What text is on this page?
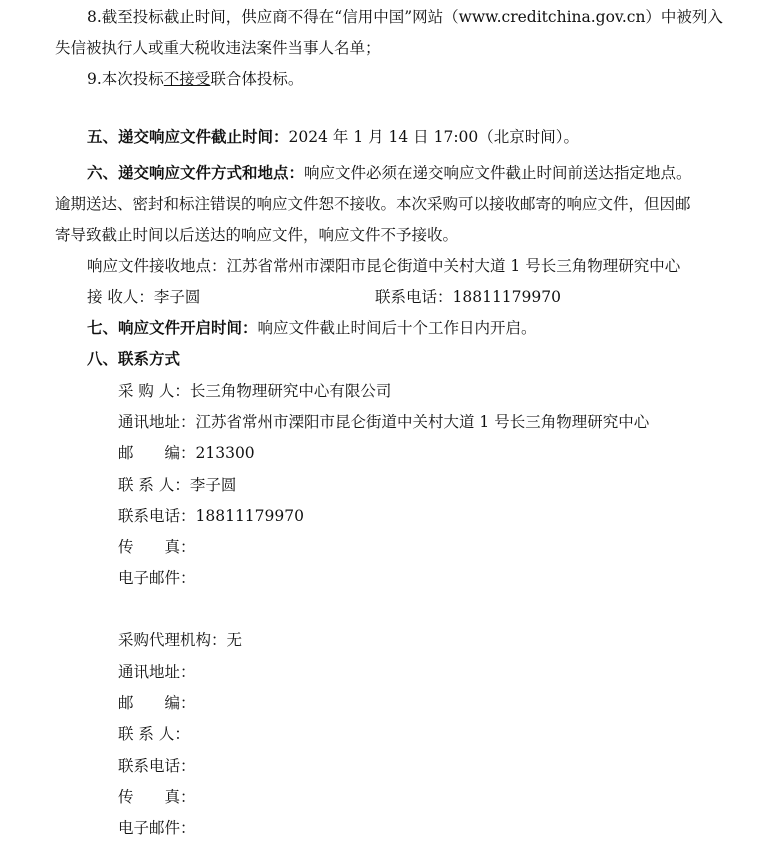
8.截至投标截止时间，供应商不得在“信用中国”网站（www.creditchina.gov.cn）中被列入
失信被执行人或重大税收违法案件当事人名单；
9.本次投标不接受联合体投标。
五、递交响应文件截止时间：2024 年 1 月 14 日 17:00（北京时间）。
六、递交响应文件方式和地点：响应文件必须在递交响应文件截止时间前送达指定地点。
逾期送达、密封和标注错误的响应文件恕不接收。本次采购可以接收邮寄的响应文件，但因邮
寄导致截止时间以后送达的响应文件，响应文件不予接收。
响应文件接收地点：江苏省常州市溧阳市昆仑街道中关村大道 1 号长三角物理研究中心
接 收人：李子圆	联系电话：18811179970
七、响应文件开启时间：响应文件截止时间后十个工作日内开启。
八、联系方式
采 购 人：长三角物理研究中心有限公司
通讯地址：江苏省常州市溧阳市昆仑街道中关村大道 1 号长三角物理研究中心
邮　　编：213300
联 系 人：李子圆
联系电话：18811179970
传　　真：
电子邮件：
采购代理机构：无
通讯地址：
邮　　编：
联 系 人：
联系电话：
传　　真：
电子邮件：
